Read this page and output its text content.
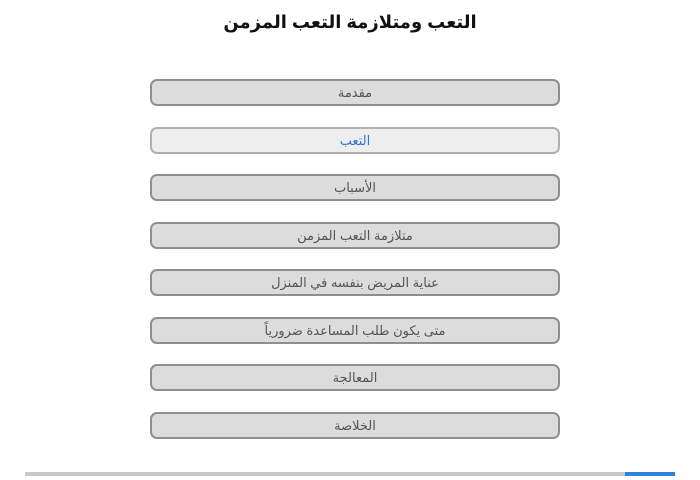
التعب ومتلازمة التعب المزمن
مقدمة
التعب
الأسباب
متلازمة التعب المزمن
عناية المريض بنفسه في المنزل
متى يكون طلب المساعدة ضرورياً
المعالجة
الخلاصة
